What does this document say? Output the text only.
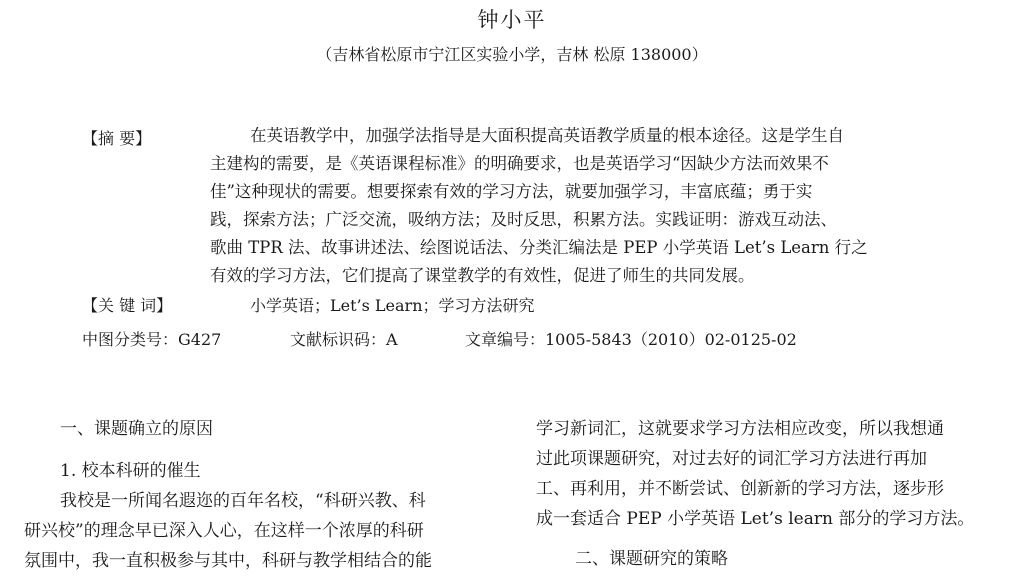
钟小平
（吉林省松原市宁江区实验小学，吉林 松原 138000）
【摘 要】	在英语教学中，加强学法指导是大面积提高英语教学质量的根本途径。这是学生自
主建构的需要，是《英语课程标准》的明确要求，也是英语学习“因缺少方法而效果不
佳”这种现状的需要。想要探索有效的学习方法，就要加强学习，丰富底蕴；勇于实
践，探索方法；广泛交流，吸纳方法；及时反思，积累方法。实践证明：游戏互动法、
歌曲 TPR 法、故事讲述法、绘图说话法、分类汇编法是 PEP 小学英语 Let’s Learn 行之
有效的学习方法，它们提高了课堂教学的有效性，促进了师生的共同发展。
【关 键 词】	小学英语；Let’s Learn；学习方法研究
中图分类号：G427	文献标识码：A	文章编号：1005-5843（2010）02-0125-02
一、课题确立的原因
1. 校本科研的催生
我校是一所闻名遐迩的百年名校，“科研兴教、科
研兴校”的理念早已深入人心，在这样一个浓厚的科研
氛围中，我一直积极参与其中，科研与教学相结合的能
学习新词汇，这就要求学习方法相应改变，所以我想通
过此项课题研究，对过去好的词汇学习方法进行再加
工、再利用，并不断尝试、创新新的学习方法，逐步形
成一套适合 PEP 小学英语 Let’s learn 部分的学习方法。
二、课题研究的策略
